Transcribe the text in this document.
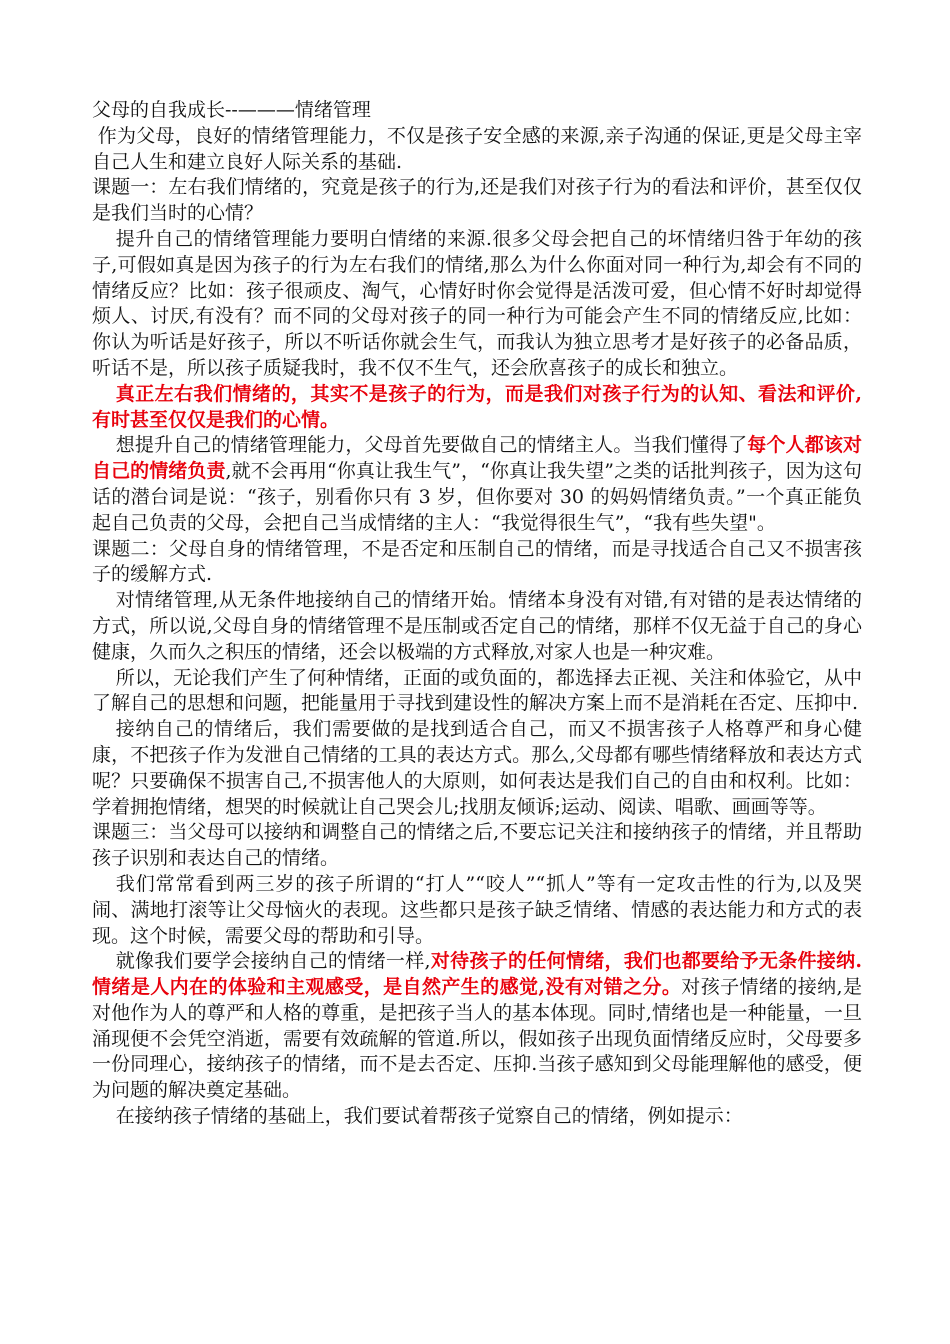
父母的自我成长--———情绪管理

作为父母，良好的情绪管理能力，不仅是孩子安全感的来源,亲子沟通的保证,更是父母主宰自己人生和建立良好人际关系的基础.

课题一：左右我们情绪的，究竟是孩子的行为,还是我们对孩子行为的看法和评价，甚至仅仅是我们当时的心情？

提升自己的情绪管理能力要明白情绪的来源.很多父母会把自己的坏情绪归咎于年幼的孩子,可假如真是因为孩子的行为左右我们的情绪,那么为什么你面对同一种行为,却会有不同的情绪反应？比如：孩子很顽皮、淘气，心情好时你会觉得是活泼可爱，但心情不好时却觉得烦人、讨厌,有没有？而不同的父母对孩子的同一种行为可能会产生不同的情绪反应,比如：你认为听话是好孩子，所以不听话你就会生气，而我认为独立思考才是好孩子的必备品质，听话不是，所以孩子质疑我时，我不仅不生气，还会欣喜孩子的成长和独立。

真正左右我们情绪的，其实不是孩子的行为，而是我们对孩子行为的认知、看法和评价,有时甚至仅仅是我们的心情。

想提升自己的情绪管理能力，父母首先要做自己的情绪主人。当我们懂得了每个人都该对自己的情绪负责,就不会再用“你真让我生气”，“你真让我失望”之类的话批判孩子，因为这句话的潜台词是说：“孩子，别看你只有 3 岁，但你要对 30 的妈妈情绪负责。”一个真正能负起自己负责的父母，会把自己当成情绪的主人：“我觉得很生气”，“我有些失望"。

课题二：父母自身的情绪管理，不是否定和压制自己的情绪，而是寻找适合自己又不损害孩子的缓解方式.

对情绪管理,从无条件地接纳自己的情绪开始。情绪本身没有对错,有对错的是表达情绪的方式，所以说,父母自身的情绪管理不是压制或否定自己的情绪，那样不仅无益于自己的身心健康，久而久之积压的情绪，还会以极端的方式释放,对家人也是一种灾难。

所以，无论我们产生了何种情绪，正面的或负面的，都选择去正视、关注和体验它，从中了解自己的思想和问题，把能量用于寻找到建设性的解决方案上而不是消耗在否定、压抑中.

接纳自己的情绪后，我们需要做的是找到适合自己，而又不损害孩子人格尊严和身心健康，不把孩子作为发泄自己情绪的工具的表达方式。那么,父母都有哪些情绪释放和表达方式呢？只要确保不损害自己,不损害他人的大原则，如何表达是我们自己的自由和权利。比如：学着拥抱情绪，想哭的时候就让自己哭会儿;找朋友倾诉;运动、阅读、唱歌、画画等等。

课题三：当父母可以接纳和调整自己的情绪之后,不要忘记关注和接纳孩子的情绪，并且帮助孩子识别和表达自己的情绪。

我们常常看到两三岁的孩子所谓的“打人”“咬人”“抓人”等有一定攻击性的行为,以及哭闹、满地打滚等让父母恼火的表现。这些都只是孩子缺乏情绪、情感的表达能力和方式的表现。这个时候，需要父母的帮助和引导。

就像我们要学会接纳自己的情绪一样,对待孩子的任何情绪，我们也都要给予无条件接纳.情绪是人内在的体验和主观感受，是自然产生的感觉,没有对错之分。对孩子情绪的接纳,是对他作为人的尊严和人格的尊重，是把孩子当人的基本体现。同时,情绪也是一种能量，一旦涌现便不会凭空消逝，需要有效疏解的管道.所以，假如孩子出现负面情绪反应时，父母要多一份同理心，接纳孩子的情绪，而不是去否定、压抑.当孩子感知到父母能理解他的感受，便为问题的解决奠定基础。

在接纳孩子情绪的基础上，我们要试着帮孩子觉察自己的情绪，例如提示：
